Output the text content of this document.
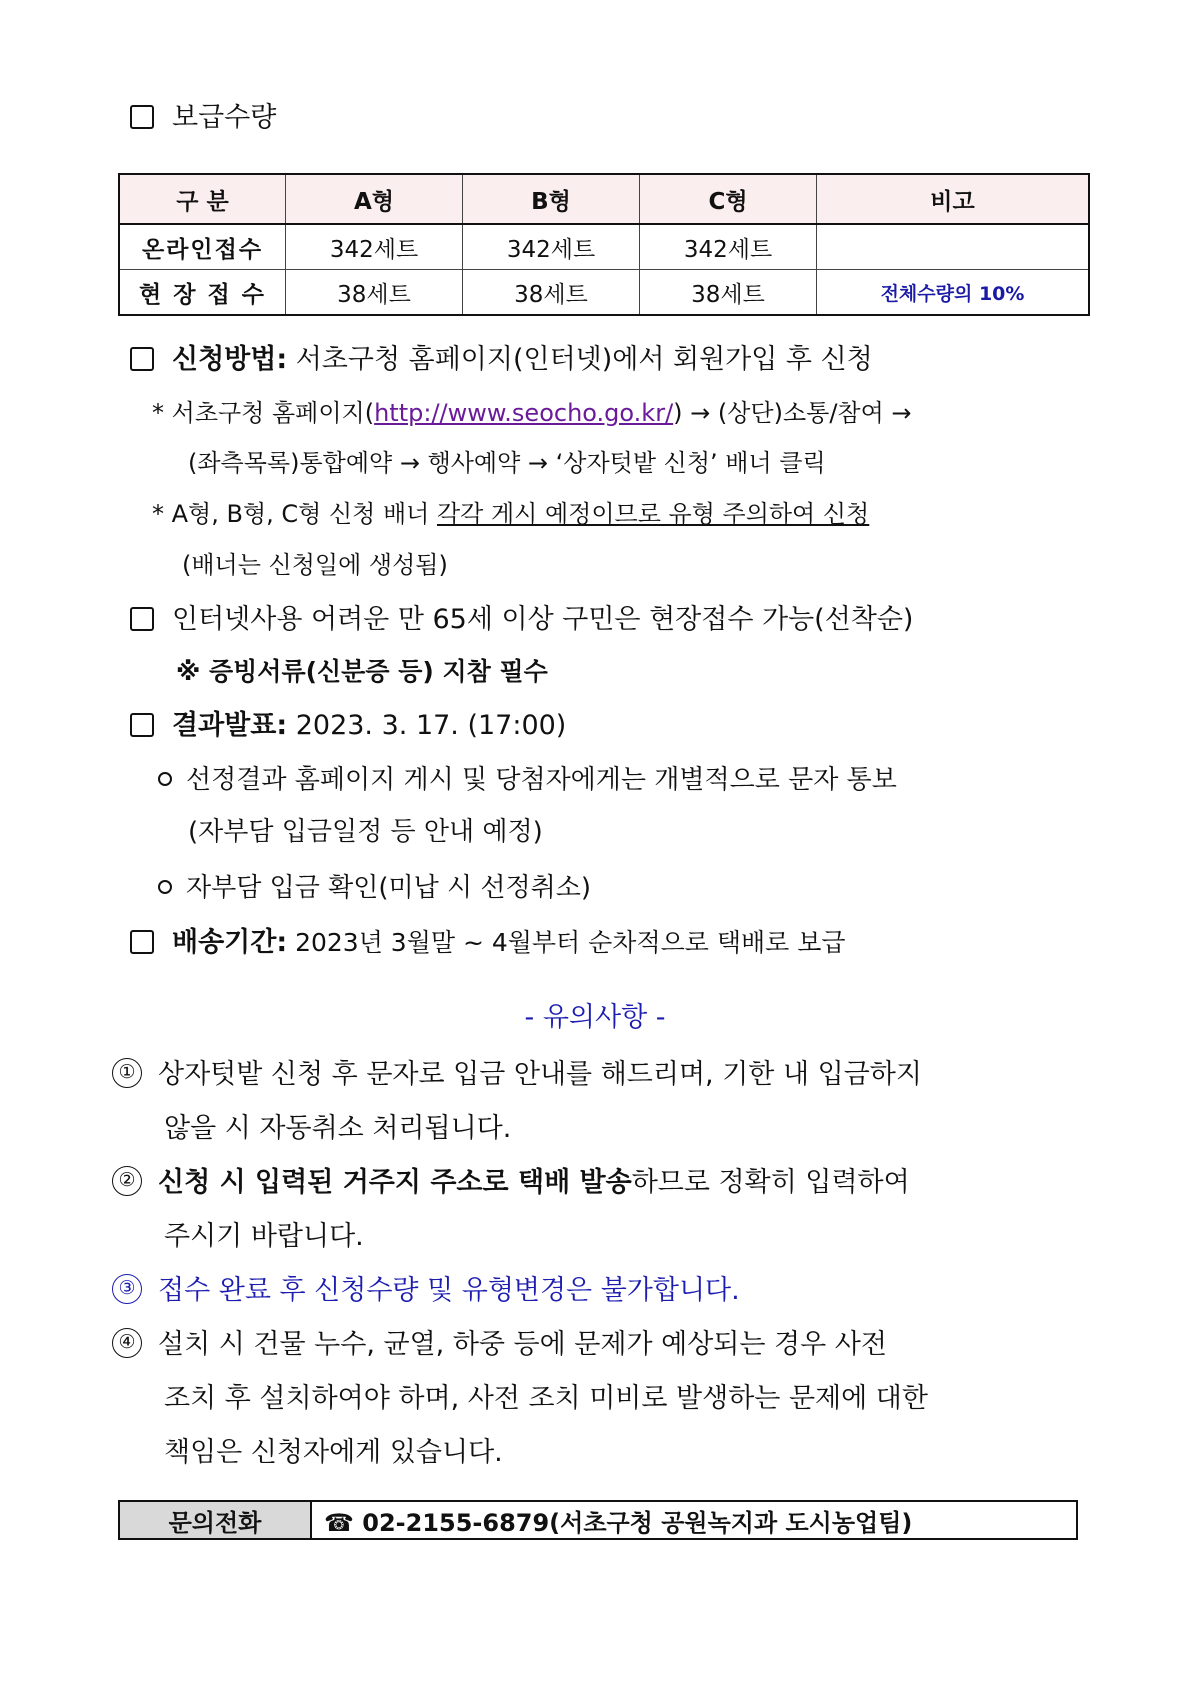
보급수량
구 분	A형	B형	C형	비고
온라인접수	342세트	342세트	342세트	
현 장 접 수	38세트	38세트	38세트	전체수량의 10%
신청방법: 서초구청 홈페이지(인터넷)에서 회원가입 후 신청
* 서초구청 홈페이지(http://www.seocho.go.kr/) → (상단)소통/참여 →
(좌측목록)통합예약 → 행사예약 → ‘상자텃밭 신청’ 배너 클릭
* A형, B형, C형 신청 배너 각각 게시 예정이므로 유형 주의하여 신청
(배너는 신청일에 생성됨)
인터넷사용 어려운 만 65세 이상 구민은 현장접수 가능(선착순)
※ 증빙서류(신분증 등) 지참 필수
결과발표: 2023. 3. 17. (17:00)
선정결과 홈페이지 게시 및 당첨자에게는 개별적으로 문자 통보
(자부담 입금일정 등 안내 예정)
자부담 입금 확인(미납 시 선정취소)
배송기간: 2023년 3월말 ~ 4월부터 순차적으로 택배로 보급
- 유의사항 -
① 상자텃밭 신청 후 문자로 입금 안내를 해드리며, 기한 내 입금하지
않을 시 자동취소 처리됩니다.
② 신청 시 입력된 거주지 주소로 택배 발송하므로 정확히 입력하여
주시기 바랍니다.
③ 접수 완료 후 신청수량 및 유형변경은 불가합니다.
④ 설치 시 건물 누수, 균열, 하중 등에 문제가 예상되는 경우 사전
조치 후 설치하여야 하며, 사전 조치 미비로 발생하는 문제에 대한
책임은 신청자에게 있습니다.
문의전화	☎ 02-2155-6879(서초구청 공원녹지과 도시농업팀)
